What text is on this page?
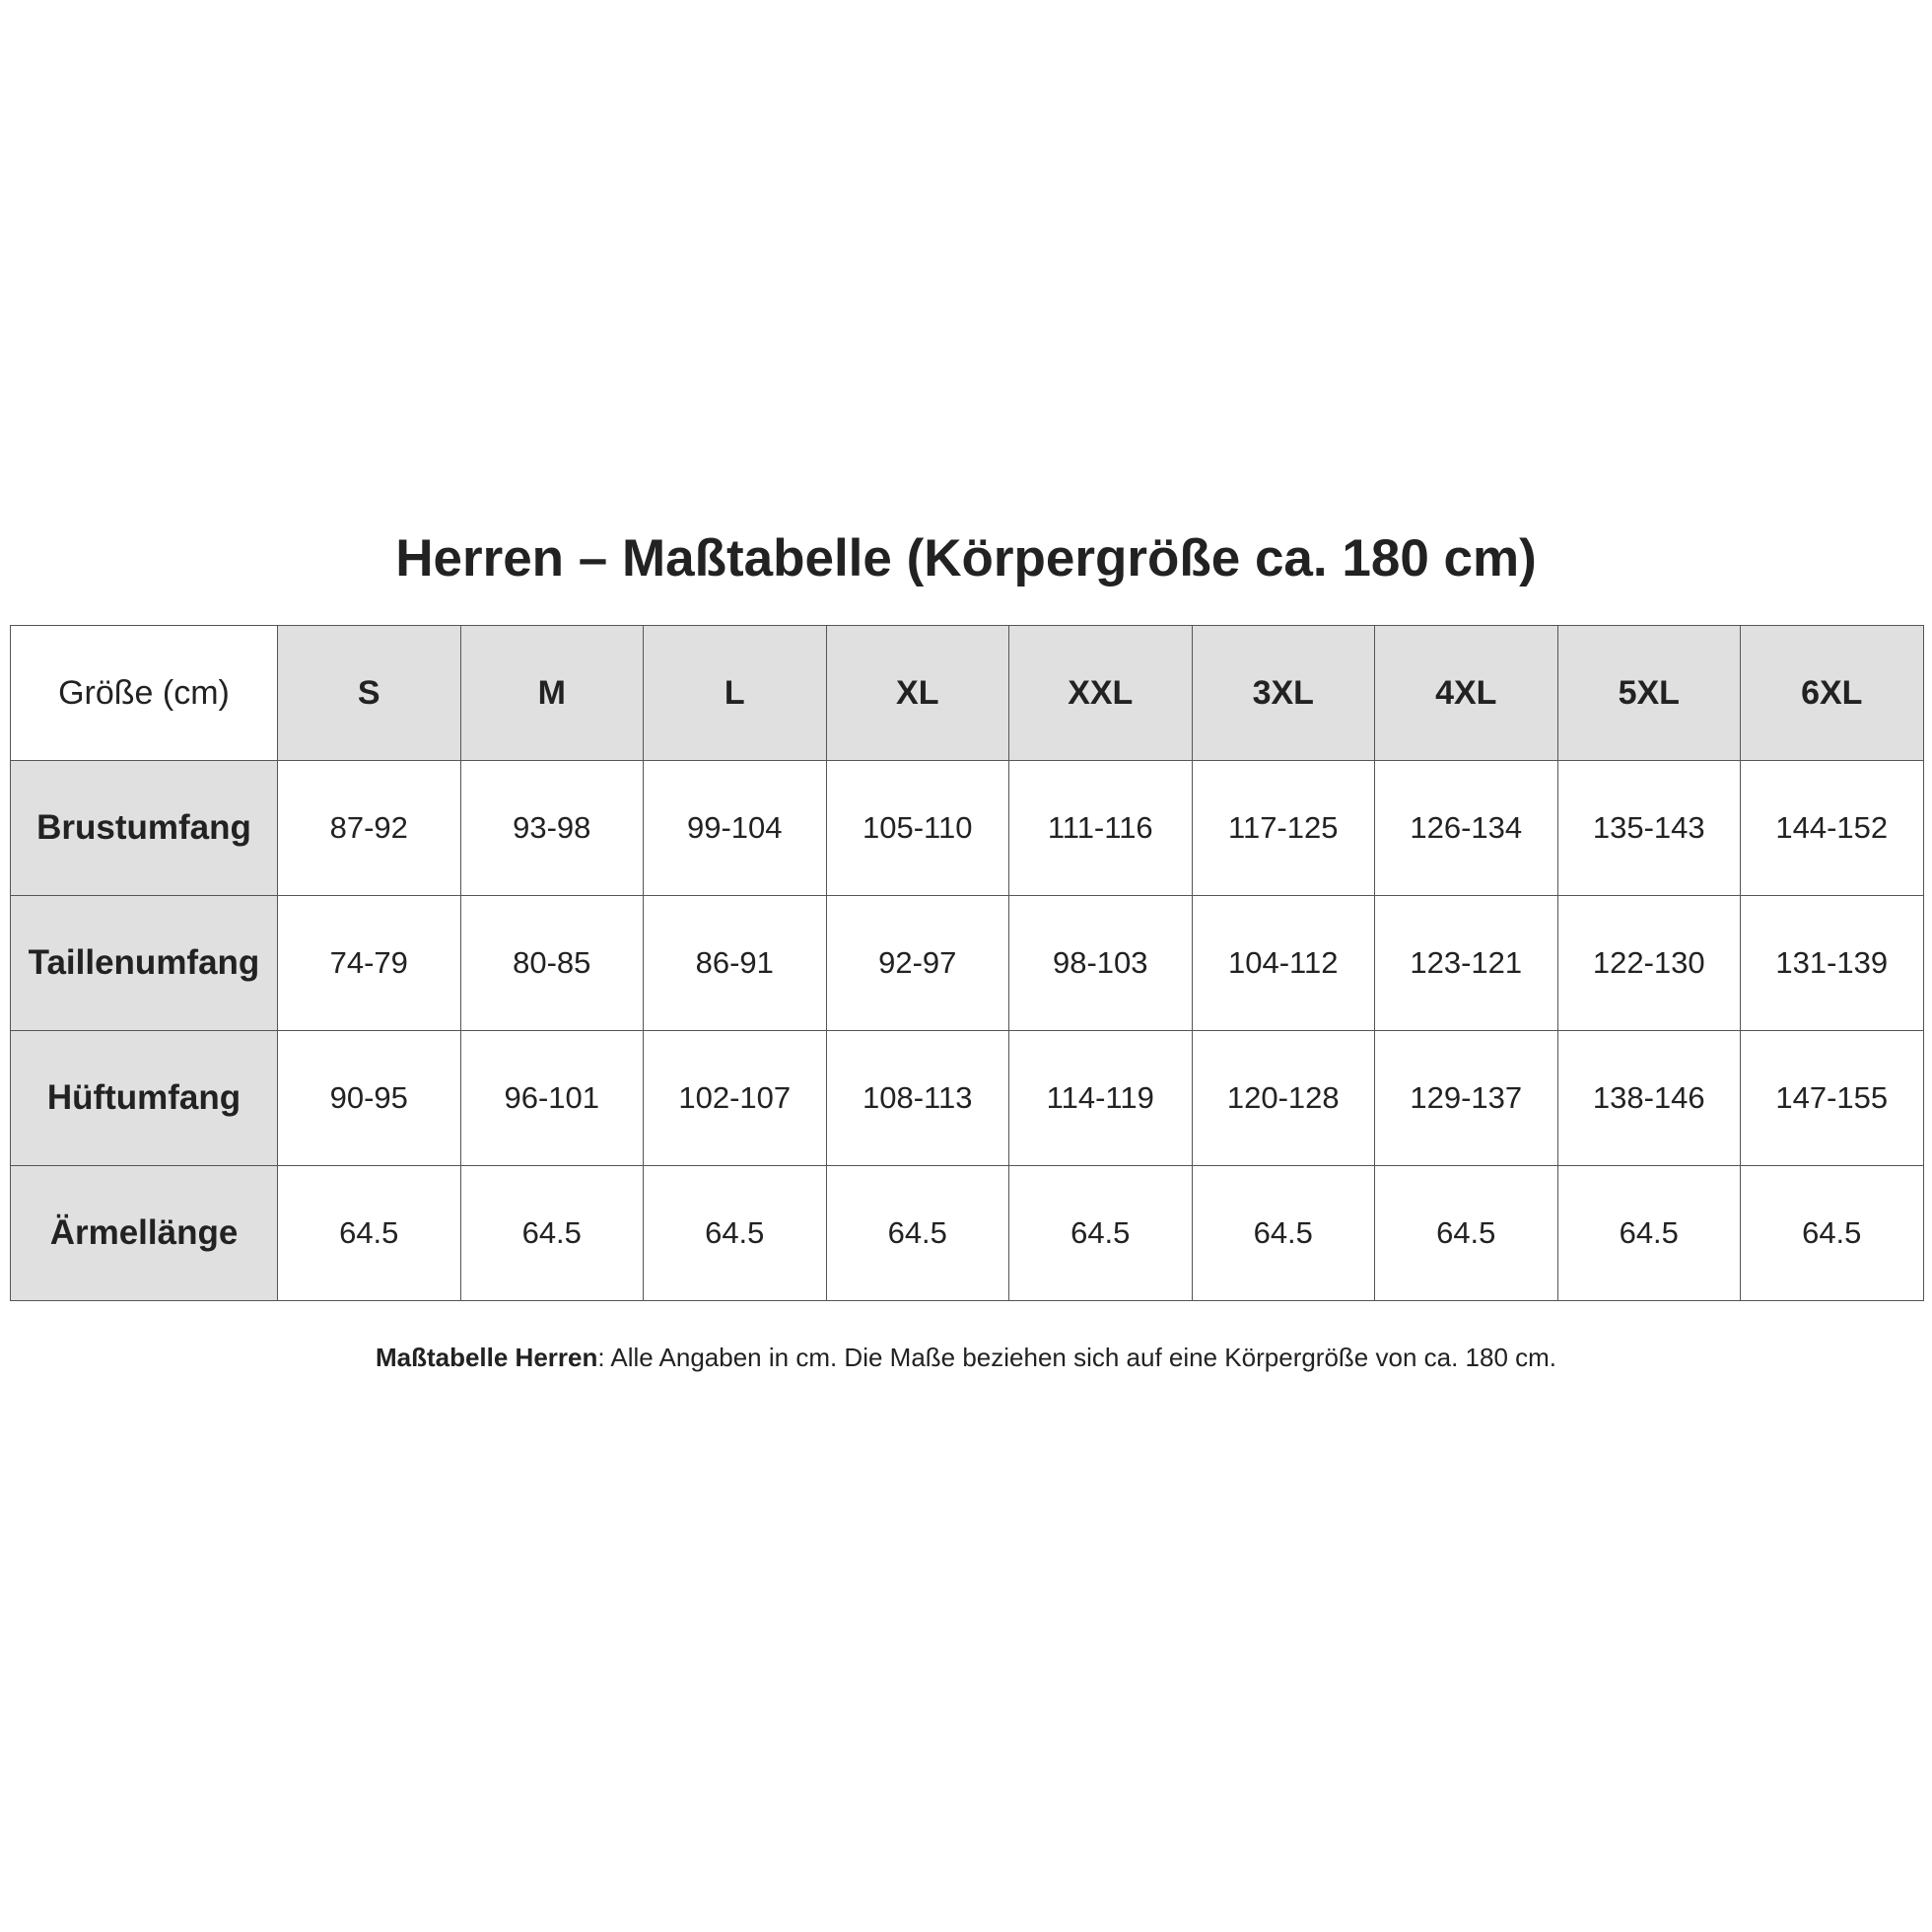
Herren – Maßtabelle (Körpergröße ca. 180 cm)
Größe (cm)	S	M	L	XL	XXL	3XL	4XL	5XL	6XL
Brustumfang	87-92	93-98	99-104	105-110	111-116	117-125	126-134	135-143	144-152
Taillenumfang	74-79	80-85	86-91	92-97	98-103	104-112	123-121	122-130	131-139
Hüftumfang	90-95	96-101	102-107	108-113	114-119	120-128	129-137	138-146	147-155
Ärmellänge	64.5	64.5	64.5	64.5	64.5	64.5	64.5	64.5	64.5
Maßtabelle Herren: Alle Angaben in cm. Die Maße beziehen sich auf eine Körpergröße von ca. 180 cm.
